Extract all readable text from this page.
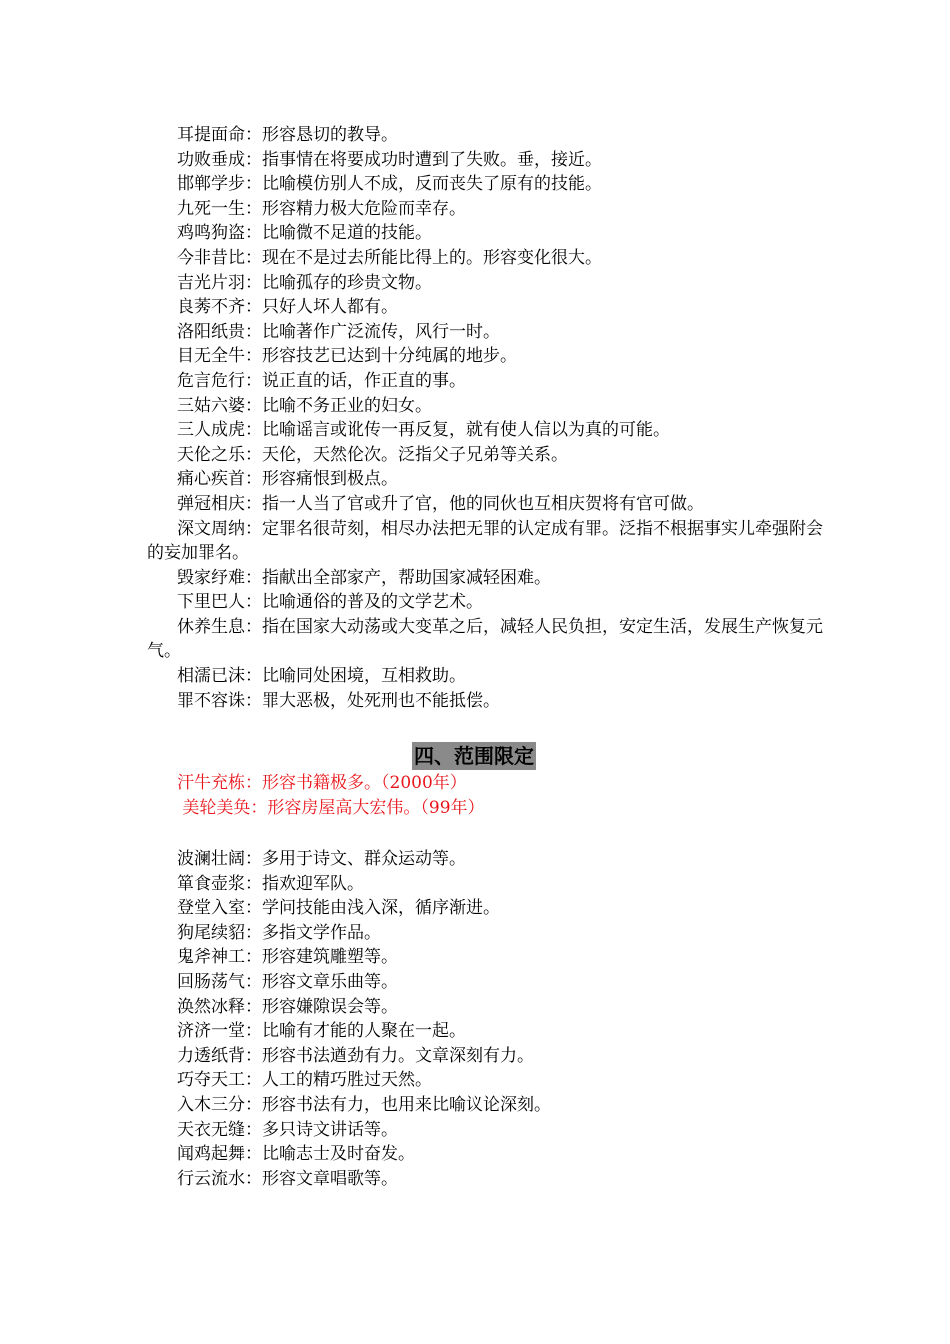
耳提面命：形容恳切的教导。

功败垂成：指事情在将要成功时遭到了失败。垂，接近。

邯郸学步：比喻模仿别人不成，反而丧失了原有的技能。

九死一生：形容精力极大危险而幸存。

鸡鸣狗盗：比喻微不足道的技能。

今非昔比：现在不是过去所能比得上的。形容变化很大。

吉光片羽：比喻孤存的珍贵文物。

良莠不齐：只好人坏人都有。

洛阳纸贵：比喻著作广泛流传，风行一时。

目无全牛：形容技艺已达到十分纯属的地步。

危言危行：说正直的话，作正直的事。

三姑六婆：比喻不务正业的妇女。

三人成虎：比喻谣言或讹传一再反复，就有使人信以为真的可能。

天伦之乐：天伦，天然伦次。泛指父子兄弟等关系。

痛心疾首：形容痛恨到极点。

弹冠相庆：指一人当了官或升了官，他的同伙也互相庆贺将有官可做。

深文周纳：定罪名很苛刻，相尽办法把无罪的认定成有罪。泛指不根据事实儿牵强附会的妄加罪名。

毁家纾难：指献出全部家产，帮助国家减轻困难。

下里巴人：比喻通俗的普及的文学艺术。

休养生息：指在国家大动荡或大变革之后，减轻人民负担，安定生活，发展生产恢复元气。

相濡已沫：比喻同处困境，互相救助。

罪不容诛：罪大恶极，处死刑也不能抵偿。

四、范围限定

汗牛充栋：形容书籍极多。（2000年）

美轮美奂：形容房屋高大宏伟。（99年）

波澜壮阔：多用于诗文、群众运动等。

箪食壶浆：指欢迎军队。

登堂入室：学问技能由浅入深，循序渐进。

狗尾续貂：多指文学作品。

鬼斧神工：形容建筑雕塑等。

回肠荡气：形容文章乐曲等。

涣然冰释：形容嫌隙误会等。

济济一堂：比喻有才能的人聚在一起。

力透纸背：形容书法遒劲有力。文章深刻有力。

巧夺天工：人工的精巧胜过天然。

入木三分：形容书法有力，也用来比喻议论深刻。

天衣无缝：多只诗文讲话等。

闻鸡起舞：比喻志士及时奋发。

行云流水：形容文章唱歌等。
